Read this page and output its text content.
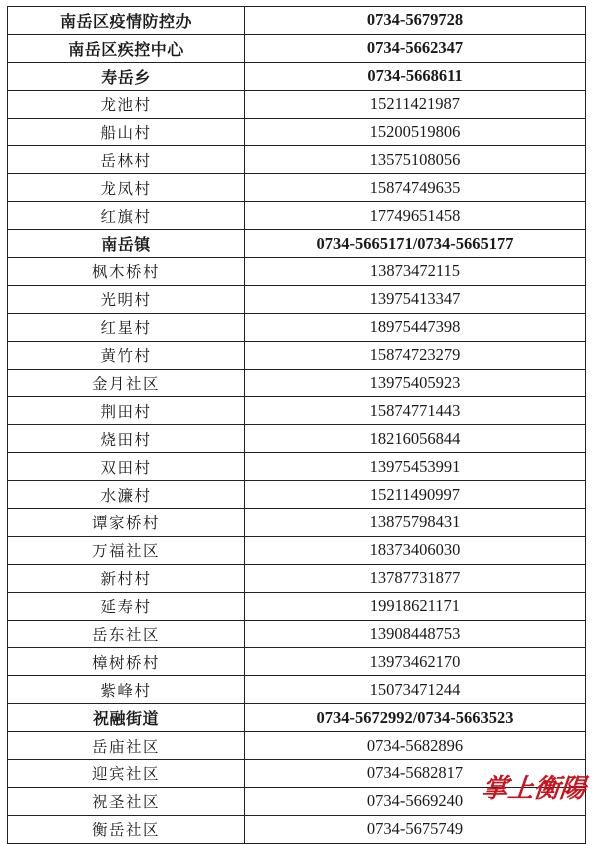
南岳区疫情防控办	0734-5679728
南岳区疾控中心	0734-5662347
寿岳乡	0734-5668611
龙池村	15211421987
船山村	15200519806
岳林村	13575108056
龙凤村	15874749635
红旗村	17749651458
南岳镇	0734-5665171/0734-5665177
枫木桥村	13873472115
光明村	13975413347
红星村	18975447398
黄竹村	15874723279
金月社区	13975405923
荆田村	15874771443
烧田村	18216056844
双田村	13975453991
水濂村	15211490997
谭家桥村	13875798431
万福社区	18373406030
新村村	13787731877
延寿村	19918621171
岳东社区	13908448753
樟树桥村	13973462170
紫峰村	15073471244
祝融街道	0734-5672992/0734-5663523
岳庙社区	0734-5682896
迎宾社区	0734-5682817
祝圣社区	0734-5669240
衡岳社区	0734-5675749
掌上衡陽
